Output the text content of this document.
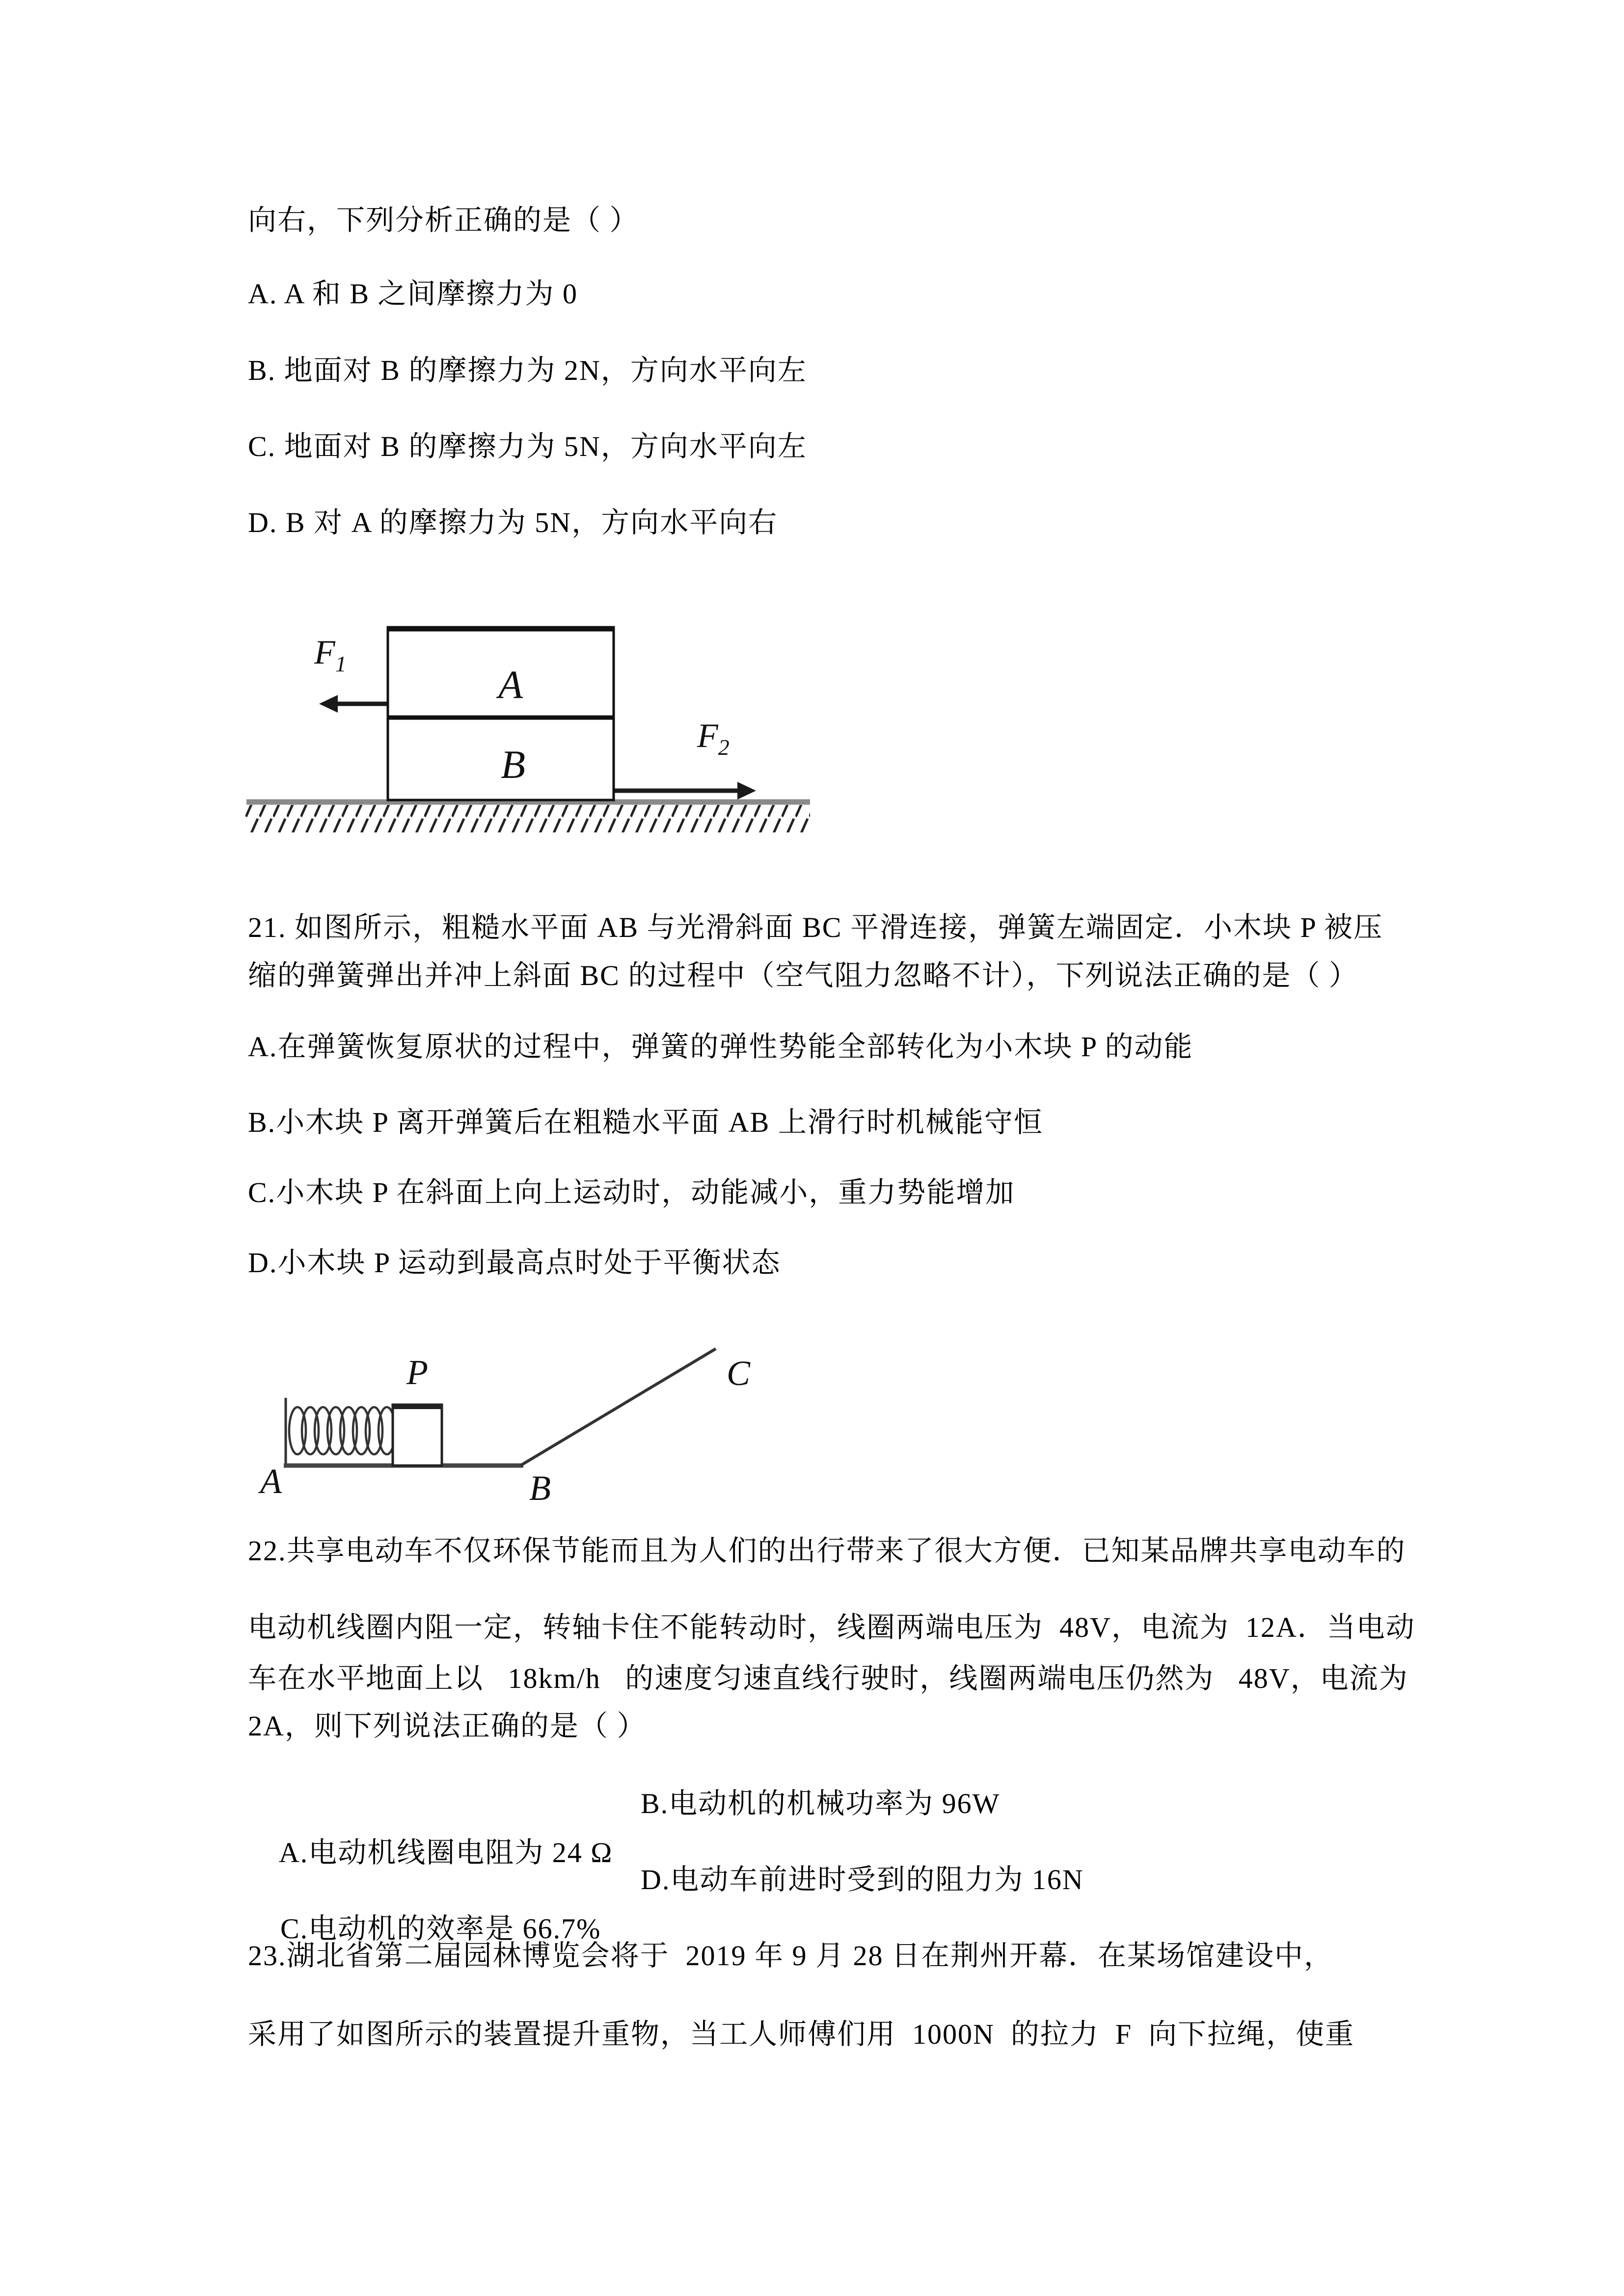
向右，下列分析正确的是（ ）
A. A 和 B 之间摩擦力为 0
B. 地面对 B 的摩擦力为 2N，方向水平向左
C. 地面对 B 的摩擦力为 5N，方向水平向左
D. B 对 A 的摩擦力为 5N，方向水平向右
A
B
$F_1$
$F_2$
21. 如图所示，粗糙水平面 AB 与光滑斜面 BC 平滑连接，弹簧左端固定．小木块 P 被压
缩的弹簧弹出并冲上斜面 BC 的过程中（空气阻力忽略不计），下列说法正确的是（ ）
A.在弹簧恢复原状的过程中，弹簧的弹性势能全部转化为小木块 P 的动能
B.小木块 P 离开弹簧后在粗糙水平面 AB 上滑行时机械能守恒
C.小木块 P 在斜面上向上运动时，动能减小，重力势能增加
D.小木块 P 运动到最高点时处于平衡状态
P
A	B
C
22.共享电动车不仅环保节能而且为人们的出行带来了很大方便．已知某品牌共享电动车的
电动机线圈内阻一定，转轴卡住不能转动时，线圈两端电压为  48V，电流为  12A．当电动
车在水平地面上以   18km/h   的速度匀速直线行驶时，线圈两端电压仍然为   48V，电流为
2A，则下列说法正确的是（ ）

A.电动机线圈电阻为 24 Ω

B.电动机的机械功率为 96W

C.电动机的效率是 66.7%

D.电动车前进时受到的阻力为 16N

23.湖北省第二届园林博览会将于  2019 年 9 月 28 日在荆州开幕．在某场馆建设中，
采用了如图所示的装置提升重物，当工人师傅们用  1000N  的拉力  F  向下拉绳，使重
